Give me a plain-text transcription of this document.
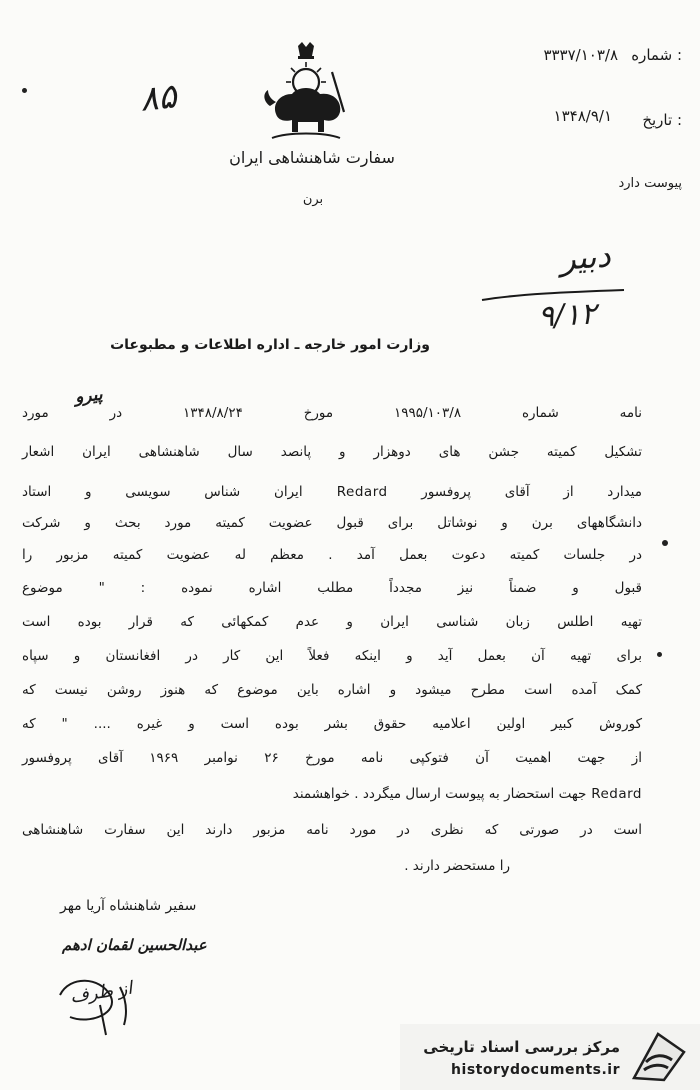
۸۵
شماره :
۳۳۳۷/۱۰۳/۸
تاریخ :
۱۳۴۸/۹/۱
پیوست دارد
سفارت شاهنشاهی ایران
برن
دبیر
۹/۱۲
وزارت امور خارجه ـ اداره اطلاعات و مطبوعات
پیرو
نامه شماره ۱۹۹۵/۱۰۳/۸ مورخ ۱۳۴۸/۸/۲۴ در مورد
تشکیل کمیته جشن های دوهزار و پانصد سال شاهنشاهی ایران اشعار
میدارد از آقای پروفسور Redard ایران شناس سویسی و استاد
دانشگاههای برن و نوشاتل برای قبول عضویت کمیته مورد بحث و شرکت
در جلسات کمیته دعوت بعمل آمد . معظم له عضویت کمیته مزبور را
قبول و ضمناً نیز مجدداً مطلب اشاره نموده : " موضوع
تهیه اطلس زبان شناسی ایران و عدم کمکهائی که قرار بوده است
برای تهیه آن بعمل آید و اینکه فعلاً این کار در افغانستان و سپاه
کمک آمده است مطرح میشود و اشاره باین موضوع که هنوز روشن نیست که
کوروش کبیر اولین اعلامیه حقوق بشر بوده است و غیره .... " که
از جهت اهمیت آن فتوکپی نامه مورخ ۲۶ نوامبر ۱۹۶۹ آقای پروفسور
Redard جهت استحضار به پیوست ارسال میگردد . خواهشمند
است در صورتی که نظری در مورد نامه مزبور دارند این سفارت شاهنشاهی
را مستحضر دارند .
سفیر شاهنشاه آریا مهر
عبدالحسین لقمان ادهم
از طرف
مرکز بررسی اسناد تاریخی
historydocuments.ir
